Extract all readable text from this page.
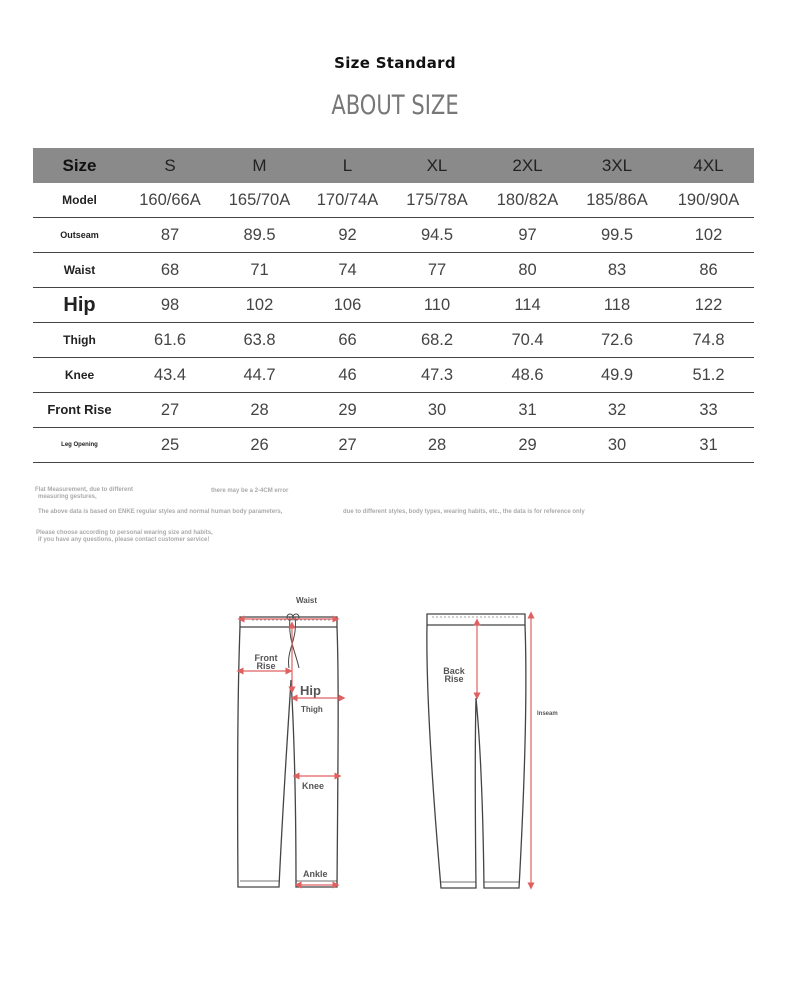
Size Standard
ABOUT SIZE
Size	S	M	L	XL	2XL	3XL	4XL
Model	160/66A	165/70A	170/74A	175/78A	180/82A	185/86A	190/90A
Outseam	87	89.5	92	94.5	97	99.5	102
Waist	68	71	74	77	80	83	86
Hip	98	102	106	110	114	118	122
Thigh	61.6	63.8	66	68.2	70.4	72.6	74.8
Knee	43.4	44.7	46	47.3	48.6	49.9	51.2
Front Rise	27	28	29	30	31	32	33
Leg Opening	25	26	27	28	29	30	31
Flat Measurement, due to different
measuring gestures,
there may be a 2-4CM error
The above data is based on ENKE regular styles and normal human body parameters,	due to different styles, body types, wearing habits, etc., the data is for reference only
Please choose according to personal wearing size and habits,
if you have any questions, please contact customer service!
Waist
Front Rise
Hip
Thigh
Knee
Ankle
Back Rise
Inseam
